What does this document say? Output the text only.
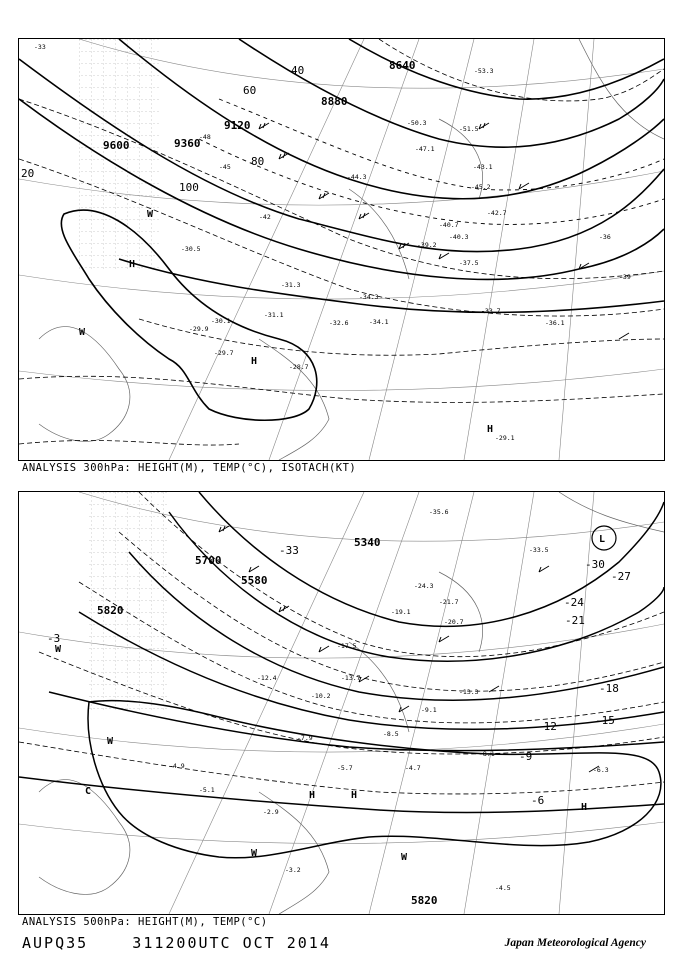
8640
8880
9120
9360
9600
20
40
60
80
100
-33
-36
-39
-42
-45
-48
-50.3
-47.1
-44.3
-42.7
-40.7
-40.3
-39.2
-37.5
-34.3
-33.7
-36.1
-34.1
-32.6
-31.1
-30.1
-29.7
-29.9
-28.7
-29.1
-30.5
-31.3
-53.3
-51.5
-45.2
-43.1
H
H
H
W
W
ANALYSIS 300hPa: HEIGHT(M), TEMP(°C), ISOTACH(KT)
5340
5580
5700
5820
5820
-33
-30
-27
-24
-21
-18
-15
-12
-9
-6
-3
-24.3
-21.7
-20.7
-19.1
-17.5
-13.7
-13.3
-12.4
-10.2
-9.1
-8.5
-8.1
-7.9
-6.3
-5.7
-5.1
-4.9	-4.7
-4.5
-3.2
-2.9
-33.5
-35.6
L
H	H
H
W
W
W	W
C
ANALYSIS 500hPa: HEIGHT(M), TEMP(°C)
AUPQ35    311200UTC OCT 2014	Japan Meteorological Agency
